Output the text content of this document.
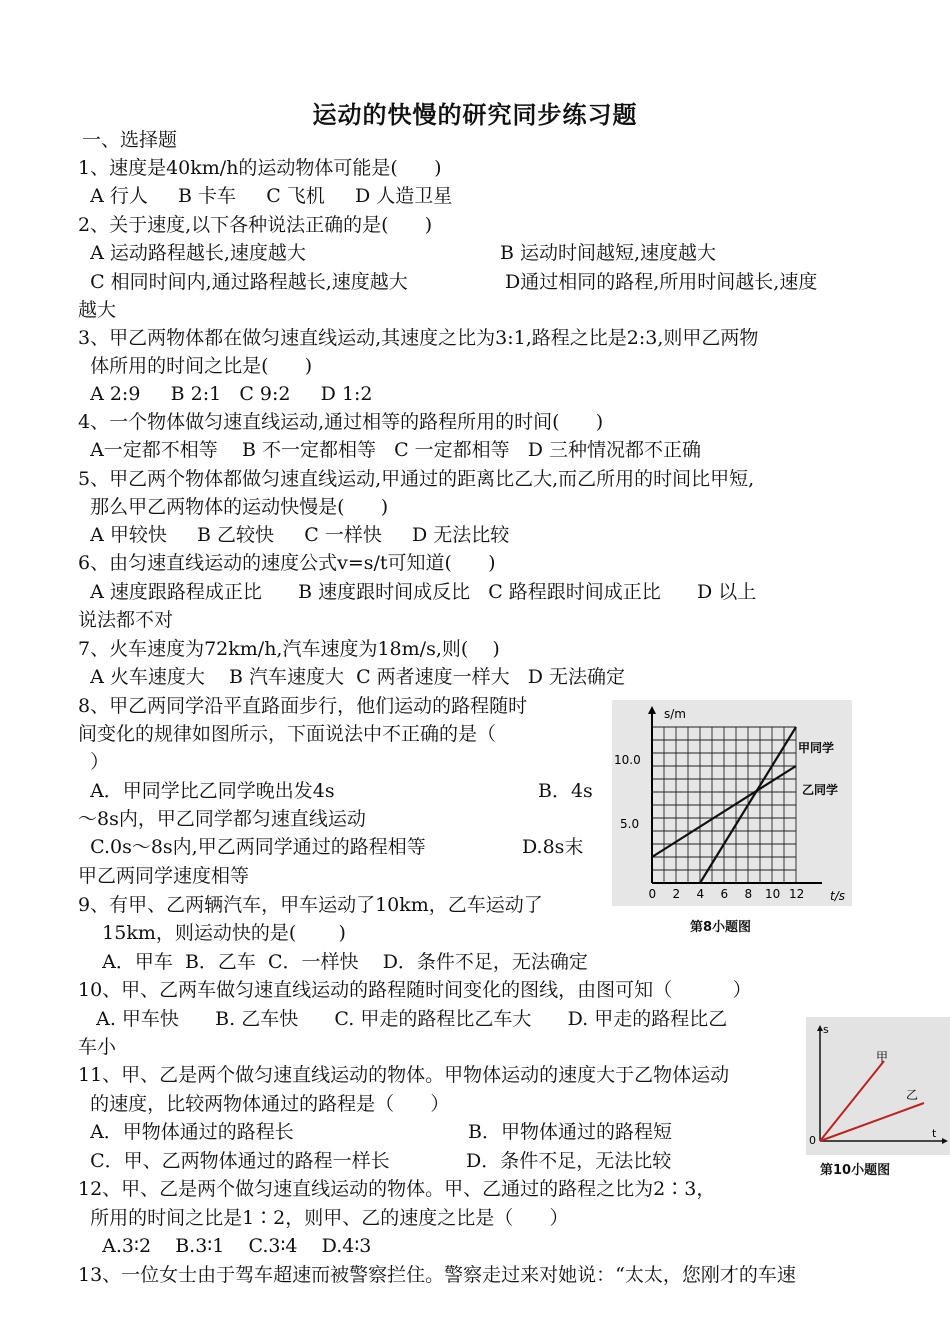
运动的快慢的研究同步练习题
一、选择题
1、速度是40km/h的运动物体可能是(      )
A 行人     B 卡车     C 飞机     D 人造卫星
2、关于速度,以下各种说法正确的是(      )
A 运动路程越长,速度越大	B 运动时间越短,速度越大
C 相同时间内,通过路程越长,速度越大	D通过相同的路程,所用时间越长,速度
越大
3、甲乙两物体都在做匀速直线运动,其速度之比为3:1,路程之比是2:3,则甲乙两物
体所用的时间之比是(      )
A 2:9     B 2:1   C 9:2     D 1:2
4、一个物体做匀速直线运动,通过相等的路程所用的时间(      )
A一定都不相等    B 不一定都相等   C 一定都相等   D 三种情况都不正确
5、甲乙两个物体都做匀速直线运动,甲通过的距离比乙大,而乙所用的时间比甲短,
那么甲乙两物体的运动快慢是(      )
A 甲较快     B 乙较快     C 一样快     D 无法比较
6、由匀速直线运动的速度公式v=s/t可知道(      )
A 速度跟路程成正比      B 速度跟时间成反比   C 路程跟时间成正比      D 以上
说法都不对
7、火车速度为72km/h,汽车速度为18m/s,则(    )
A 火车速度大    B 汽车速度大  C 两者速度一样大   D 无法确定
8、甲乙两同学沿平直路面步行，他们运动的路程随时
间变化的规律如图所示，下面说法中不正确的是（
）
A．甲同学比乙同学晚出发4s	B．4s
～8s内，甲乙同学都匀速直线运动
C.0s～8s内,甲乙两同学通过的路程相等	D.8s末
甲乙两同学速度相等
9、有甲、乙两辆汽车，甲车运动了10km，乙车运动了
15km，则运动快的是(       )
A．甲车  B．乙车  C．一样快    D．条件不足，无法确定
10、甲、乙两车做匀速直线运动的路程随时间变化的图线，由图可知（          ）
A. 甲车快      B. 乙车快      C. 甲走的路程比乙车大      D. 甲走的路程比乙
车小
11、甲、乙是两个做匀速直线运动的物体。甲物体运动的速度大于乙物体运动
的速度，比较两物体通过的路程是（      ）
A．甲物体通过的路程长	B．甲物体通过的路程短
C．甲、乙两物体通过的路程一样长	D．条件不足，无法比较
12、甲、乙是两个做匀速直线运动的物体。甲、乙通过的路程之比为2∶3，
所用的时间之比是1∶2，则甲、乙的速度之比是（      ）
A.3∶2    B.3∶1    C.3∶4    D.4∶3
13、一位女士由于驾车超速而被警察拦住。警察走过来对她说：“太太，您刚才的车速
s/m
t/s
10.0
5.0
0 2 4 6 8 10 12
甲同学
乙同学
第8小题图
s
t
0
甲
乙
第10小题图
